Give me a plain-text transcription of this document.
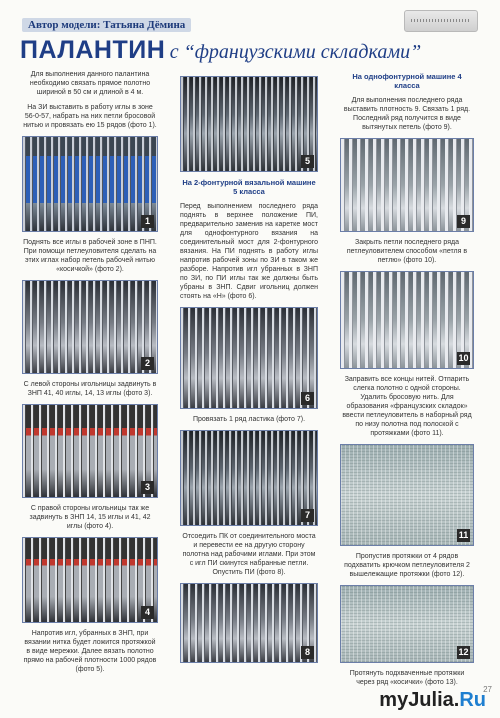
Автор модели: Татьяна Дёмина
ПАЛАНТИН с “французскими складками”

Для выполнения данного палантина необходимо связать прямое полотно шириной в 50 см и длиной в 4 м.

На ЗИ выставить в работу иглы в зоне 56-0-57, набрать на них петли бросовой нитью и провязать ею 15 рядов (фото 1).

1

Поднять все иглы в рабочей зоне в ПНП. При помощи петлеуловителя сделать на этих иглах набор петель рабочей нитью «косичкой» (фото 2).

2

С левой стороны игольницы задвинуть в ЗНП 41, 40 иглы, 14, 13 иглы (фото 3).

3

С правой стороны игольницы так же задвинуть в ЗНП 14, 15 иглы и 41, 42 иглы (фото 4).

4

Напротив игл, убранных в ЗНП, при вязании нитка будет ложится протяжкой в виде мережки. Далее вязать полотно прямо на рабочей плотности 1000 рядов (фото 5).

5

На 2-фонтурной вязальной машине 5 класса

Перед выполнением последнего ряда поднять в верхнее положение ПИ, предварительно заменив на каретке мост для однофонтурного вязания на соединительный мост для 2-фонтурного вязания. На ПИ поднять в работу иглы напротив рабочей зоны по ЗИ в таком же разборе. Напротив игл убранных в ЗНП по ЗИ, по ПИ иглы так же должны быть убраны в ЗНП. Сдвиг игольниц должен стоять на «Н» (фото 6).

6

Провязать 1 ряд ластика (фото 7).

7

Отсоедить ПК от соединительного моста и перевести ее на другую сторону полотна над рабочими иглами. При этом с игл ПИ скинутся набранные петли. Опустить ПИ (фото 8).

8

На однофонтурной машине 4 класса

Для выполнения последнего ряда выставить плотность 9. Связать 1 ряд. Последний ряд получится в виде вытянутых петель (фото 9).

9

Закрыть петли последнего ряда петлеуловителем способом «петля в петлю» (фото 10).

10

Заправить все концы нитей. Отпарить слегка полотно с одной стороны. Удалить бросовую нить. Для образования «французских складок» ввести петлеуловитель в наборный ряд по низу полотна под полоской с протяжками (фото 11).

11

Пропустив протяжки от 4 рядов подхватить крючком петлеуловителя 2 вышележащие протяжки (фото 12).

12

Протянуть подхваченные протяжки через ряд «косички» (фото 13).

27
myJulia.Ru
